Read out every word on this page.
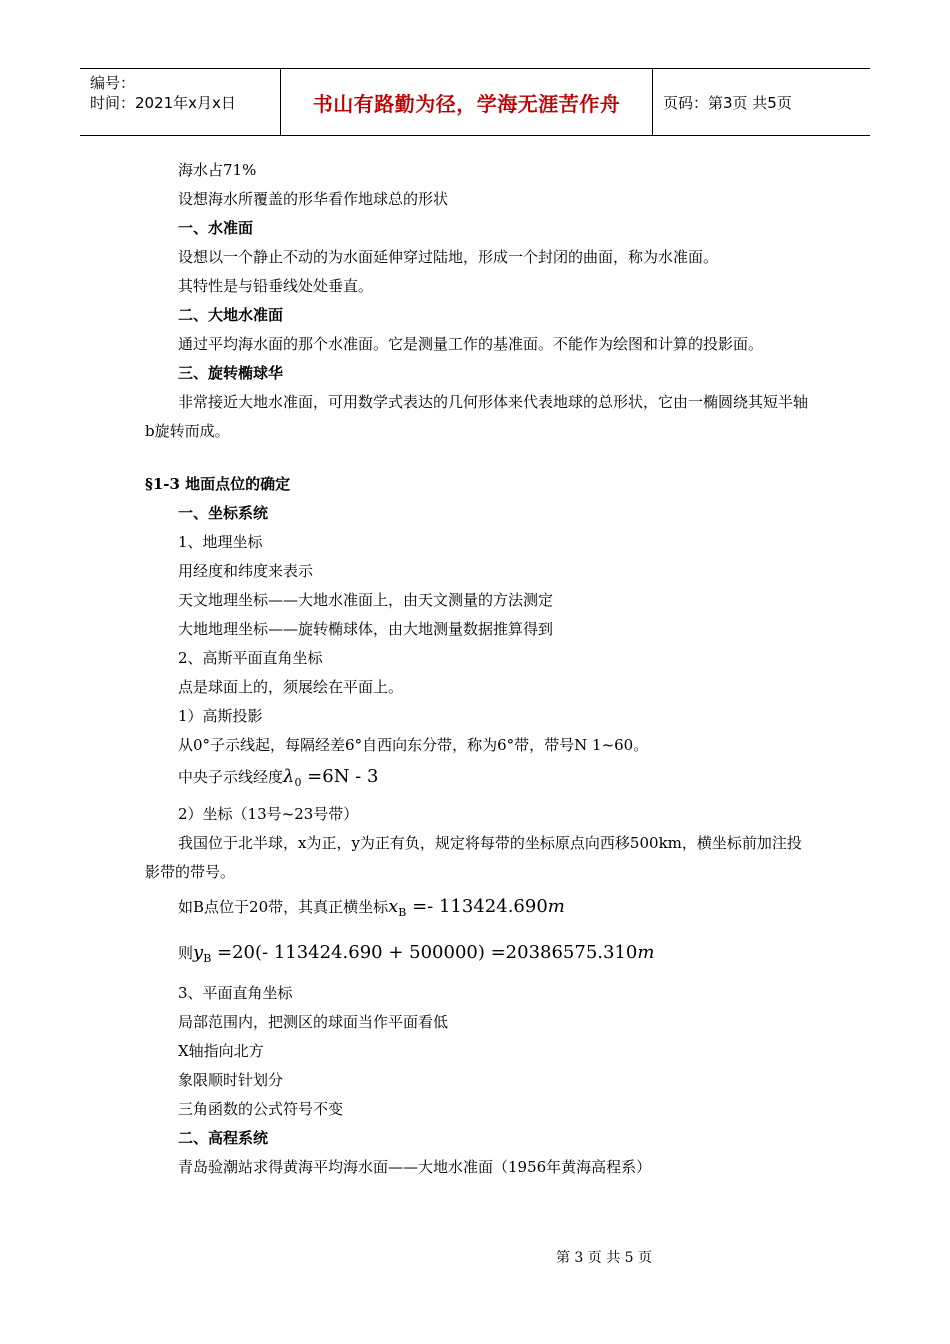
编号：
时间：2021年x月x日	书山有路勤为径，学海无涯苦作舟	页码：第3页 共5页

海水占71%

设想海水所覆盖的形华看作地球总的形状

一、水准面

设想以一个静止不动的为水面延伸穿过陆地，形成一个封闭的曲面，称为水准面。

其特性是与铅垂线处处垂直。

二、大地水准面

通过平均海水面的那个水准面。它是测量工作的基准面。不能作为绘图和计算的投影面。

三、旋转椭球华

非常接近大地水准面，可用数学式表达的几何形体来代表地球的总形状，它由一椭圆绕其短半轴b旋转而成。

§1-3 地面点位的确定

一、坐标系统

1、地理坐标

用经度和纬度来表示

天文地理坐标——大地水准面上，由天文测量的方法测定

大地地理坐标——旋转椭球体，由大地测量数据推算得到

2、高斯平面直角坐标

点是球面上的，须展绘在平面上。

1）高斯投影

从0°子示线起，每隔经差6°自西向东分带，称为6°带，带号N 1~60。

中央子示线经度$\lambda_0 =6N - 3$

2）坐标（13号~23号带）

我国位于北半球，x为正，y为正有负，规定将每带的坐标原点向西移500km，横坐标前加注投影带的带号。

如B点位于20带，其真正横坐标$x_B =- 113424.690m$

则$y_B =20(-$ 113424.690 + 500000) =20386575.310m

3、平面直角坐标

局部范围内，把测区的球面当作平面看低

X轴指向北方

象限顺时针划分

三角函数的公式符号不变

二、高程系统

青岛验潮站求得黄海平均海水面——大地水准面（1956年黄海高程系）

第 3 页 共 5 页
